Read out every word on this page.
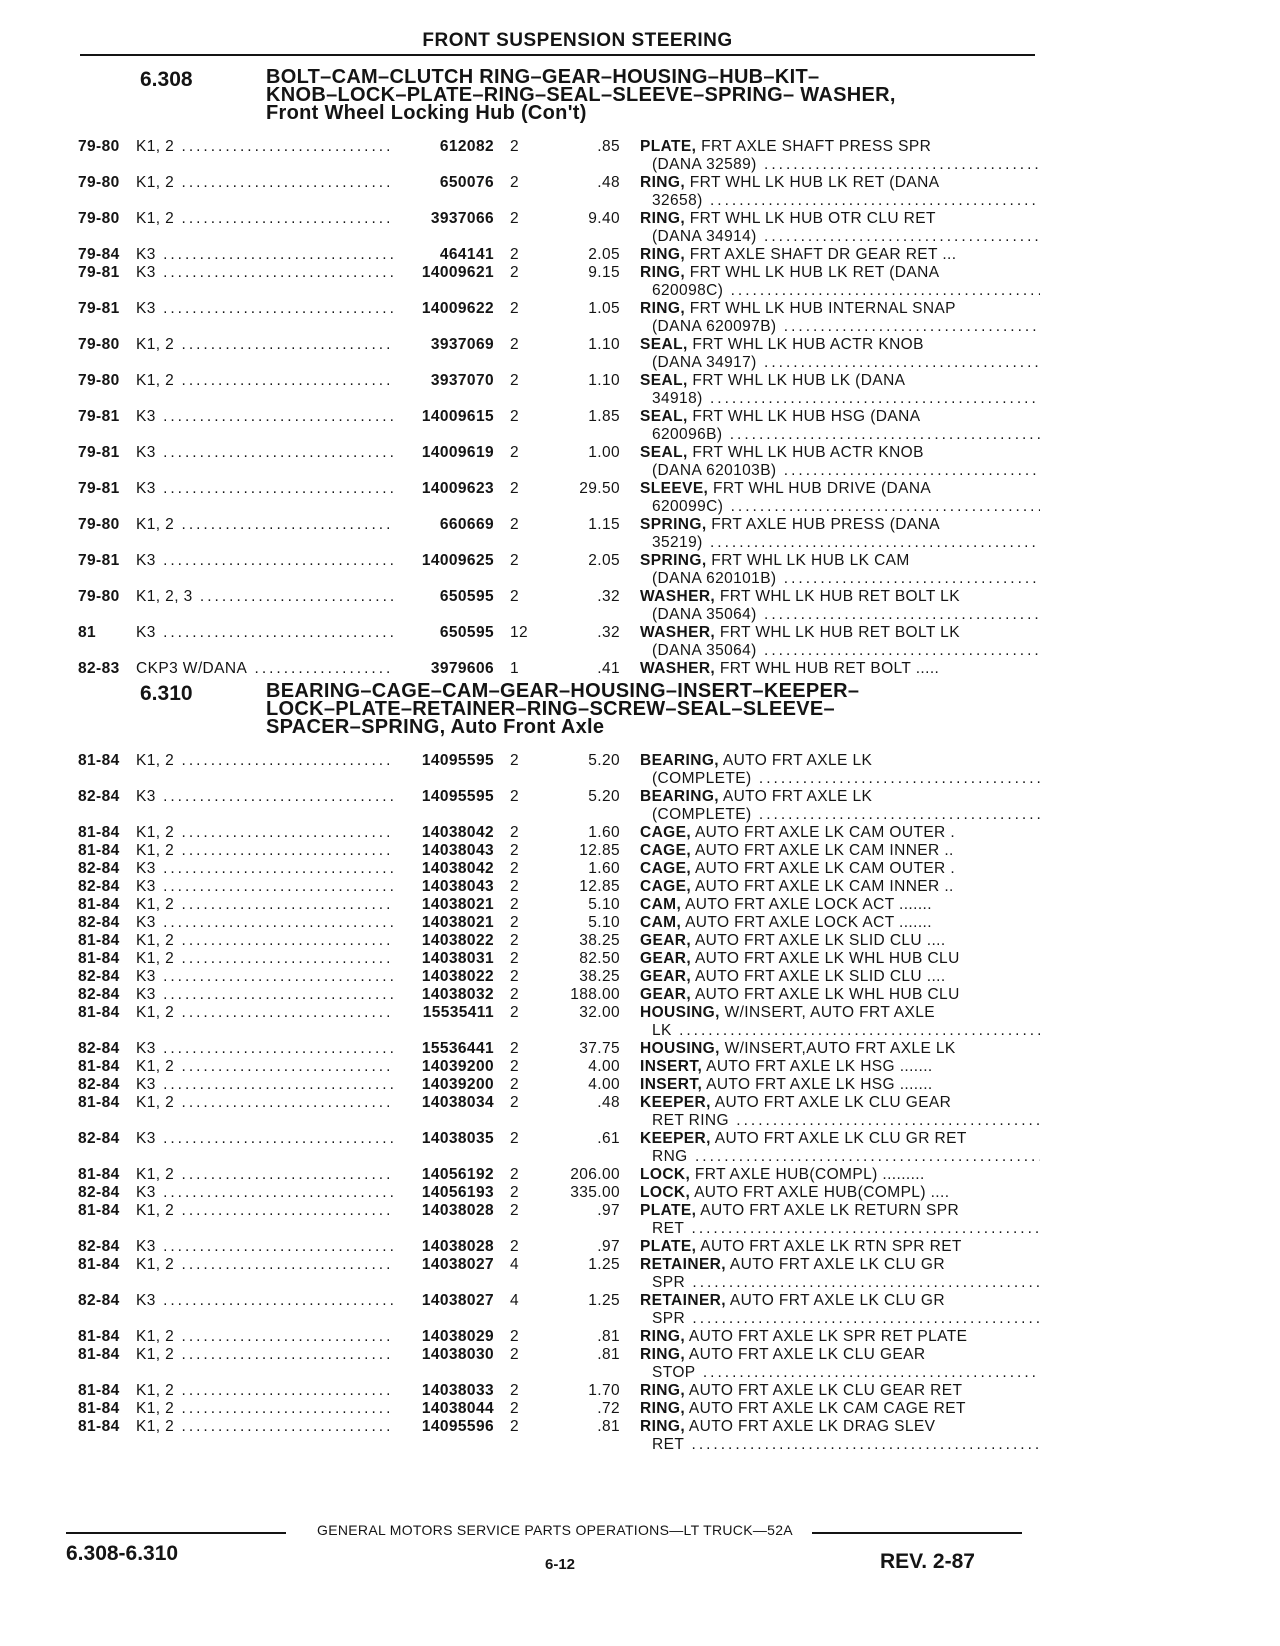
FRONT SUSPENSION STEERING
6.308	BOLT–CAM–CLUTCH RING–GEAR–HOUSING–HUB–KIT–
KNOB–LOCK–PLATE–RING–SEAL–SLEEVE–SPRING– WASHER,
Front Wheel Locking Hub (Con't)
79-80 K1, 2 .....	612082 2	.85 PLATE, FRT AXLE SHAFT PRESS SPR
(DANA 32589) .....
79-80 K1, 2 .....	650076 2	.48 RING, FRT WHL LK HUB LK RET (DANA
32658) .....
79-80 K1, 2 .....	3937066 2	9.40 RING, FRT WHL LK HUB OTR CLU RET
(DANA 34914) .....
79-84 K3 .....	464141 2	2.05 RING, FRT AXLE SHAFT DR GEAR RET ...
79-81 K3 .....	14009621 2	9.15 RING, FRT WHL LK HUB LK RET (DANA
620098C) .....
79-81 K3 .....	14009622 2	1.05 RING, FRT WHL LK HUB INTERNAL SNAP
(DANA 620097B) .....
79-80 K1, 2 .....	3937069 2	1.10 SEAL, FRT WHL LK HUB ACTR KNOB
(DANA 34917) .....
79-80 K1, 2 .....	3937070 2	1.10 SEAL, FRT WHL LK HUB LK (DANA
34918) .....
79-81 K3 .....	14009615 2	1.85 SEAL, FRT WHL LK HUB HSG (DANA
620096B) .....
79-81 K3 .....	14009619 2	1.00 SEAL, FRT WHL LK HUB ACTR KNOB
(DANA 620103B) .....
79-81 K3 .....	14009623 2	29.50 SLEEVE, FRT WHL HUB DRIVE (DANA
620099C) .....
79-80 K1, 2 .....	660669 2	1.15 SPRING, FRT AXLE HUB PRESS (DANA
35219) .....
79-81 K3 .....	14009625 2	2.05 SPRING, FRT WHL LK HUB LK CAM
(DANA 620101B) .....
79-80 K1, 2, 3 .....	650595 2	.32 WASHER, FRT WHL LK HUB RET BOLT LK
(DANA 35064) .....
81	K3 .....	650595 12	.32 WASHER, FRT WHL LK HUB RET BOLT LK
(DANA 35064) .....
82-83 CKP3 W/DANA .....	3979606 1	.41 WASHER, FRT WHL HUB RET BOLT .....
6.310	BEARING–CAGE–CAM–GEAR–HOUSING–INSERT–KEEPER–
LOCK–PLATE–RETAINER–RING–SCREW–SEAL–SLEEVE–
SPACER–SPRING, Auto Front Axle
81-84 K1, 2 .....	14095595 2	5.20 BEARING, AUTO FRT AXLE LK
(COMPLETE) .....
82-84 K3 .....	14095595 2	5.20 BEARING, AUTO FRT AXLE LK
(COMPLETE) .....
81-84 K1, 2 .....	14038042 2	1.60 CAGE, AUTO FRT AXLE LK CAM OUTER .
81-84 K1, 2 .....	14038043 2	12.85 CAGE, AUTO FRT AXLE LK CAM INNER ..
82-84 K3 .....	14038042 2	1.60 CAGE, AUTO FRT AXLE LK CAM OUTER .
82-84 K3 .....	14038043 2	12.85 CAGE, AUTO FRT AXLE LK CAM INNER ..
81-84 K1, 2 .....	14038021 2	5.10 CAM, AUTO FRT AXLE LOCK ACT .......
82-84 K3 .....	14038021 2	5.10 CAM, AUTO FRT AXLE LOCK ACT .......
81-84 K1, 2 .....	14038022 2	38.25 GEAR, AUTO FRT AXLE LK SLID CLU ....
81-84 K1, 2 .....	14038031 2	82.50 GEAR, AUTO FRT AXLE LK WHL HUB CLU
82-84 K3 .....	14038022 2	38.25 GEAR, AUTO FRT AXLE LK SLID CLU ....
82-84 K3 .....	14038032 2	188.00 GEAR, AUTO FRT AXLE LK WHL HUB CLU
81-84 K1, 2 .....	15535411 2	32.00 HOUSING, W/INSERT, AUTO FRT AXLE
LK .....
82-84 K3 .....	15536441 2	37.75 HOUSING, W/INSERT,AUTO FRT AXLE LK
81-84 K1, 2 .....	14039200 2	4.00 INSERT, AUTO FRT AXLE LK HSG .......
82-84 K3 .....	14039200 2	4.00 INSERT, AUTO FRT AXLE LK HSG .......
81-84 K1, 2 .....	14038034 2	.48 KEEPER, AUTO FRT AXLE LK CLU GEAR
RET RING .....
82-84 K3 .....	14038035 2	.61 KEEPER, AUTO FRT AXLE LK CLU GR RET
RNG .....
81-84 K1, 2 .....	14056192 2	206.00 LOCK, FRT AXLE HUB(COMPL) .........
82-84 K3 .....	14056193 2	335.00 LOCK, AUTO FRT AXLE HUB(COMPL) ....
81-84 K1, 2 .....	14038028 2	.97 PLATE, AUTO FRT AXLE LK RETURN SPR
RET .....
82-84 K3 .....	14038028 2	.97 PLATE, AUTO FRT AXLE LK RTN SPR RET
81-84 K1, 2 .....	14038027 4	1.25 RETAINER, AUTO FRT AXLE LK CLU GR
SPR .....
82-84 K3 .....	14038027 4	1.25 RETAINER, AUTO FRT AXLE LK CLU GR
SPR .....
81-84 K1, 2 .....	14038029 2	.81 RING, AUTO FRT AXLE LK SPR RET PLATE
81-84 K1, 2 .....	14038030 2	.81 RING, AUTO FRT AXLE LK CLU GEAR
STOP .....
81-84 K1, 2 .....	14038033 2	1.70 RING, AUTO FRT AXLE LK CLU GEAR RET
81-84 K1, 2 .....	14038044 2	.72 RING, AUTO FRT AXLE LK CAM CAGE RET
81-84 K1, 2 .....	14095596 2	.81 RING, AUTO FRT AXLE LK DRAG SLEV
RET .....
GENERAL MOTORS SERVICE PARTS OPERATIONS—LT TRUCK—52A
6.308-6.310	6-12	REV. 2-87
